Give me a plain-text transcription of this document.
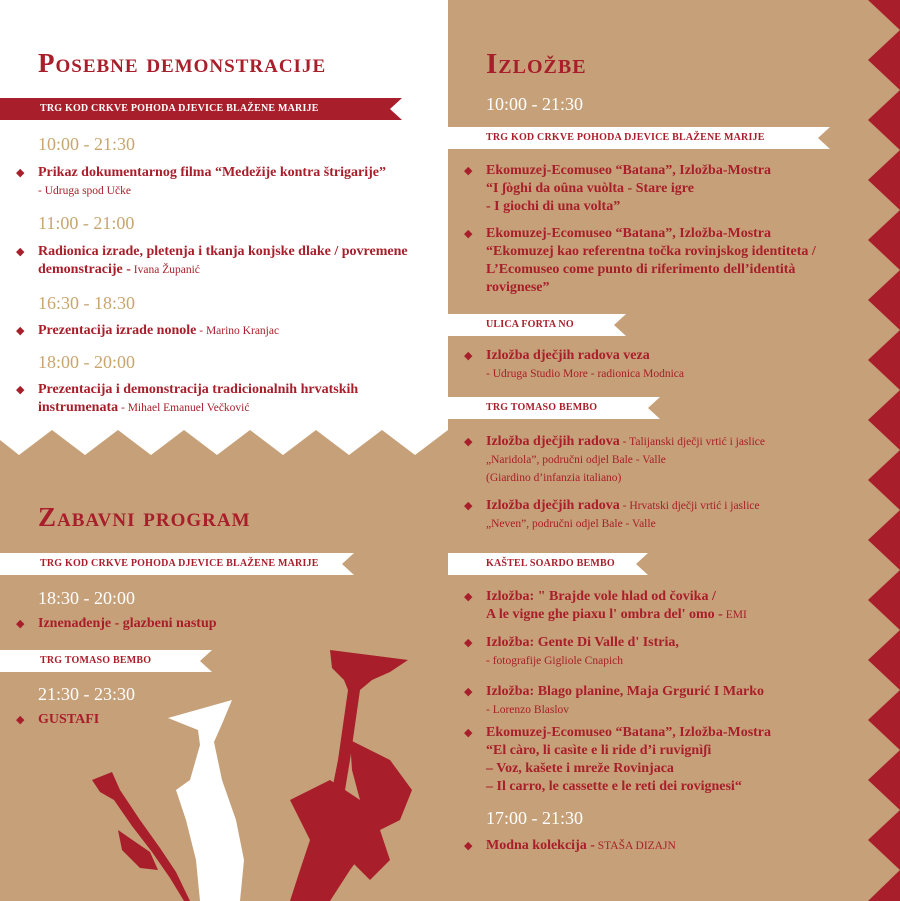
Posebne demonstracije
TRG KOD CRKVE POHODA DJEVICE BLAŽENE MARIJE
10:00 - 21:30
◆ Prikaz dokumentarnog filma “Medežije kontra štrigarije”
- Udruga spod Učke
11:00 - 21:00
◆ Radionica izrade, pletenja i tkanja konjske dlake / povremene demonstracije - Ivana Županić
16:30 - 18:30
◆ Prezentacija izrade nonole - Marino Kranjac
18:00 - 20:00
◆ Prezentacija i demonstracija tradicionalnih hrvatskih instrumenata - Mihael Emanuel Večković
Zabavni program
TRG KOD CRKVE POHODA DJEVICE BLAŽENE MARIJE
18:30 - 20:00
◆ Iznenađenje - glazbeni nastup
TRG TOMASO BEMBO
21:30 - 23:30
◆ GUSTAFI
Izložbe
10:00 - 21:30
TRG KOD CRKVE POHODA DJEVICE BLAŽENE MARIJE
◆ Ekomuzej-Ecomuseo “Batana”, Izložba-Mostra
“I ʃòghi da oûna vuòlta - Stare igre
- I giochi di una volta”
◆ Ekomuzej-Ecomuseo “Batana”, Izložba-Mostra
“Ekomuzej kao referentna točka rovinjskog identiteta /
L’Ecomuseo come punto di riferimento dell’identità
rovignese”
ULICA FORTA NO
◆ Izložba dječjih radova veza
- Udruga Studio More - radionica Modnica
TRG TOMASO BEMBO
◆ Izložba dječjih radova - Talijanski dječji vrtić i jaslice
„Naridola”, područni odjel Bale - Valle
(Giardino d’infanzia italiano)
◆ Izložba dječjih radova - Hrvatski dječji vrtić i jaslice
„Neven”, područni odjel Bale - Valle
KAŠTEL SOARDO BEMBO
◆ Izložba: " Brajde vole hlad od čovika /
A le vigne ghe piaxu l' ombra del' omo - EMI
◆ Izložba: Gente Di Valle d' Istria,
- fotografije Gigliole Cnapich
◆ Izložba: Blago planine, Maja Grgurić I Marko
- Lorenzo Blaslov
◆ Ekomuzej-Ecomuseo “Batana”, Izložba-Mostra
“El càro, li casìte e li ride d’i ruvignìʃi
– Voz, kašete i mreže Rovinjaca
– Il carro, le cassette e le reti dei rovignesi“
17:00 - 21:30
◆ Modna kolekcija - STAŠA DIZAJN
